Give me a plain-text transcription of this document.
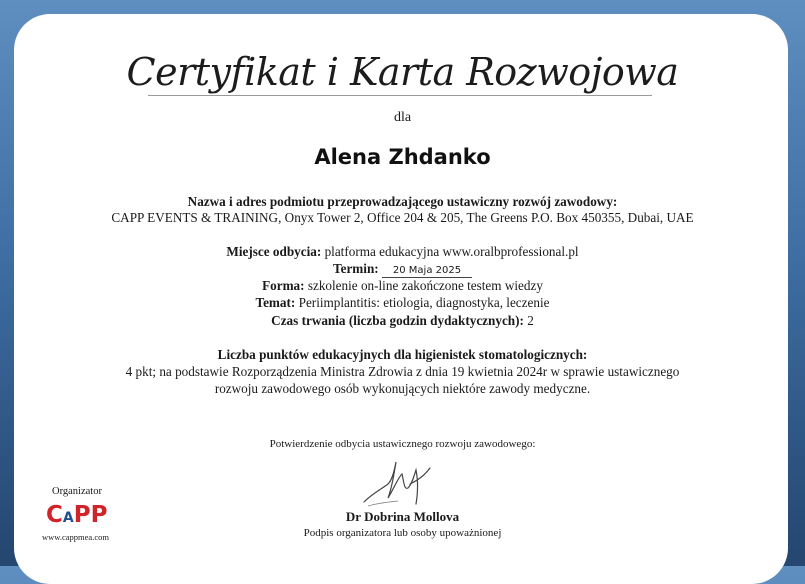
Certyfikat i Karta Rozwojowa
dla
Alena Zhdanko
Nazwa i adres podmiotu przeprowadzającego ustawiczny rozwój zawodowy:
CAPP EVENTS & TRAINING, Onyx Tower 2, Office 204 & 205, The Greens P.O. Box 450355, Dubai, UAE
Miejsce odbycia: platforma edukacyjna www.oralbprofessional.pl
Termin: 20 Maja 2025
Forma: szkolenie on-line zakończone testem wiedzy
Temat: Periimplantitis: etiologia, diagnostyka, leczenie
Czas trwania (liczba godzin dydaktycznych): 2
Liczba punktów edukacyjnych dla higienistek stomatologicznych:
4 pkt; na podstawie Rozporządzenia Ministra Zdrowia z dnia 19 kwietnia 2024r w sprawie ustawicznego
rozwoju zawodowego osób wykonujących niektóre zawody medyczne.
Potwierdzenie odbycia ustawicznego rozwoju zawodowego:
Organizator
CAPP
www.cappmea.com
Dr Dobrina Mollova
Podpis organizatora lub osoby upoważnionej
